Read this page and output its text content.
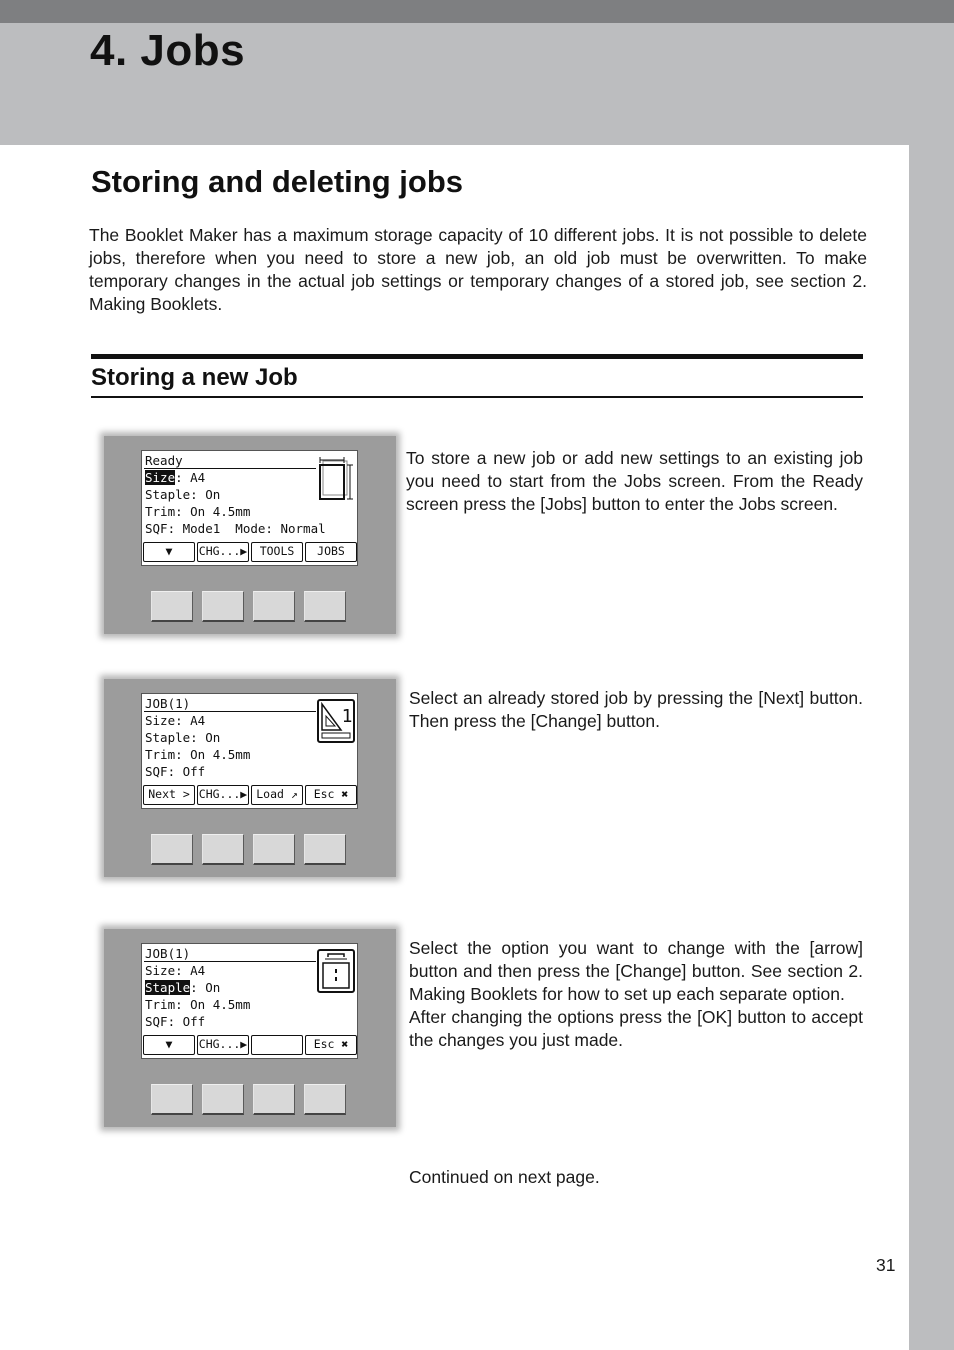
4. Jobs
Storing and deleting jobs

The Booklet Maker has a maximum storage capacity of 10 different jobs. It is not possible to delete jobs, therefore when you need to store a new job, an old job must be overwritten. To make temporary changes in the actual job settings or temporary changes of a stored job, see section 2. Making Booklets.

Storing a new Job
Ready
Size: A4
Staple: On
Trim: On 4.5mm
SQF: Mode1  Mode: Normal
▼	CHG...▶	TOOLS	JOBS

To store a new job or add new settings to an existing job you need to start from the Jobs screen. From the Ready screen press the [Jobs] button to enter the Jobs screen.

JOB(1)
Size: A4
Staple: On
Trim: On 4.5mm
SQF: Off
1
Next > CHG...▶ Load ↗	Esc ✖

Select an already stored job by pressing the [Next] button. Then press the [Change] button.

JOB(1)
Size: A4
Staple: On
Trim: On 4.5mm
SQF: Off
▼	CHG...▶	Esc ✖

Select the option you want to change with the [arrow] button and then press the [Change] button. See section 2. Making Booklets for how to set up each separate option.
After changing the options press the [OK] button to accept the changes you just made.

Continued on next page.

31
